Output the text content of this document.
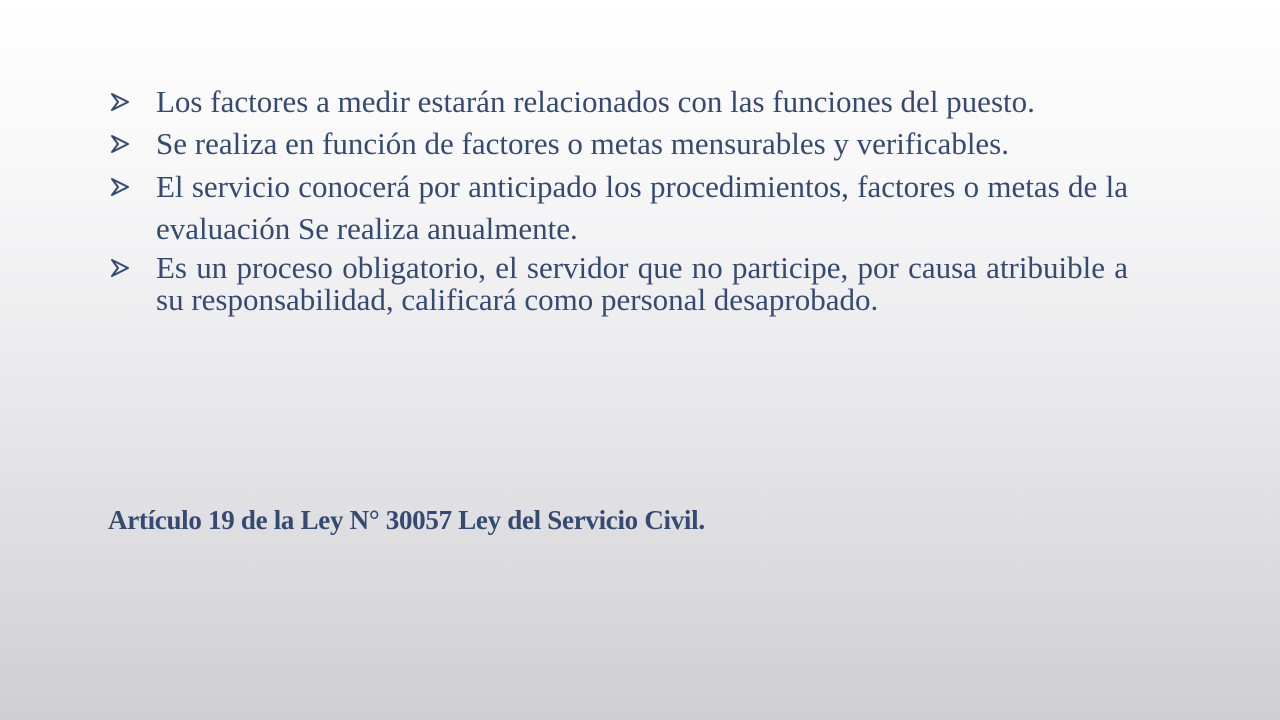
Los factores a medir estarán relacionados con las funciones del puesto.
Se realiza en función de factores o metas mensurables y verificables.
El servicio conocerá por anticipado los procedimientos, factores o metas de la evaluación Se realiza anualmente.
Es un proceso obligatorio, el servidor que no participe, por causa atribuible a su responsabilidad, calificará como personal desaprobado.
Artículo 19 de la Ley N° 30057 Ley del Servicio Civil.
